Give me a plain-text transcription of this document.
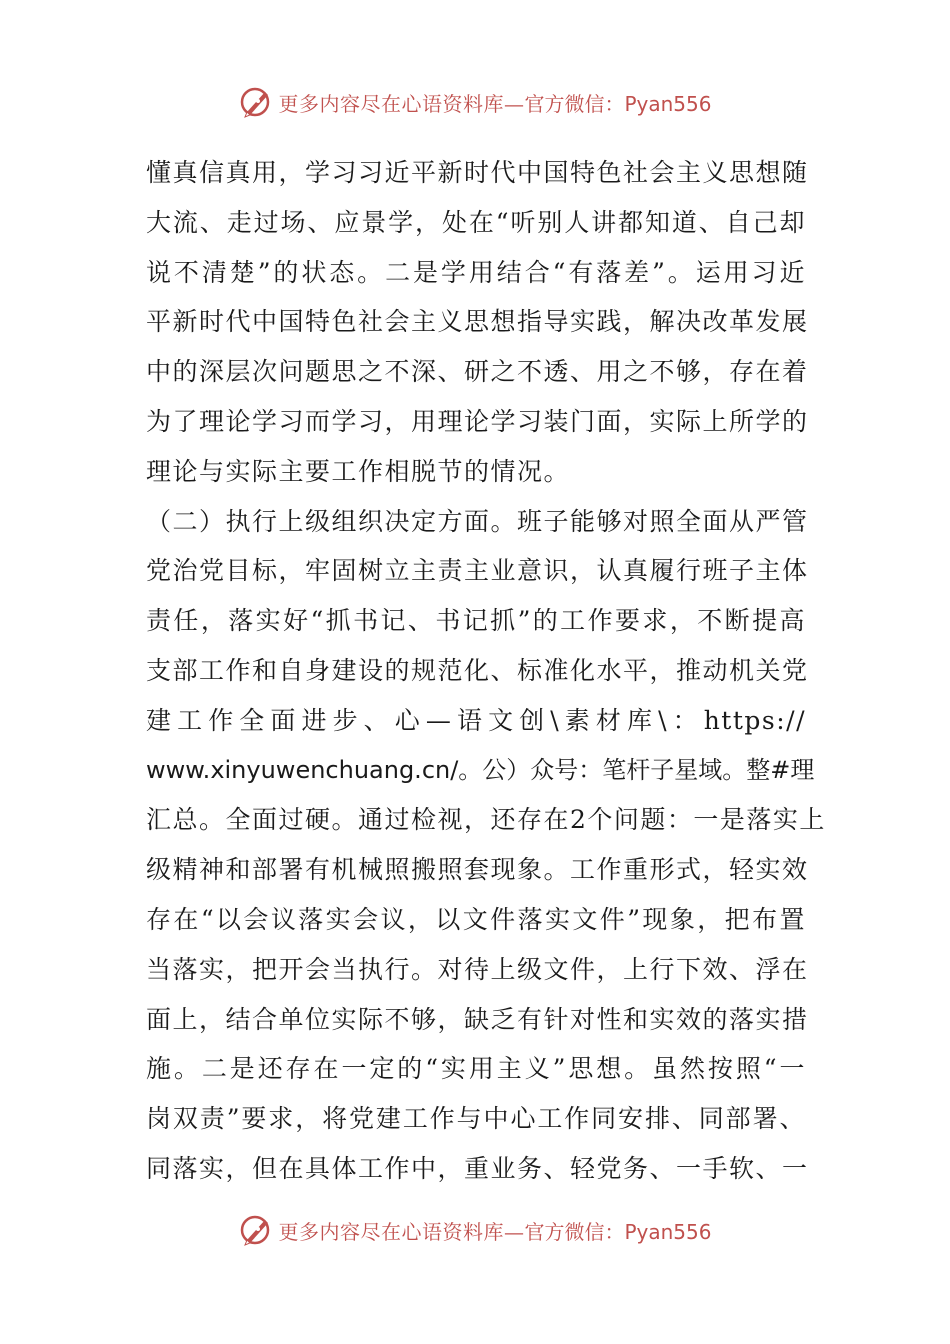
更多内容尽在心语资料库— 官方微信：Pyan556
懂真信真用，学习习近平新时代中国特色社会主义思想随
大流、走过场、应景学，处在“听别人讲都知道、自己却
说不清楚”的状态。二是学用结合“有落差”。运用习近
平新时代中国特色社会主义思想指导实践，解决改革发展
中的深层次问题思之不深、研之不透、用之不够，存在着
为了理论学习而学习，用理论学习装门面，实际上所学的
理论与实际主要工作相脱节的情况。
（二）执行上级组织决定方面。班子能够对照全面从严管
党治党目标，牢固树立主责主业意识，认真履行班子主体
责任，落实好“抓书记、书记抓”的工作要求，不断提高
支部工作和自身建设的规范化、标准化水平，推动机关党
建工作全面进步、心—语文创\素材库\：https://
www.xinyuwenchuang.cn/。公）众号：笔杆子星域。整#理
汇总。全面过硬。通过检视，还存在2个问题：一是落实上
级精神和部署有机械照搬照套现象。工作重形式，轻实效
存在“以会议落实会议，以文件落实文件”现象，把布置
当落实，把开会当执行。对待上级文件，上行下效、浮在
面上，结合单位实际不够，缺乏有针对性和实效的落实措
施。二是还存在一定的“实用主义”思想。虽然按照“一
岗双责”要求，将党建工作与中心工作同安排、同部署、
同落实，但在具体工作中，重业务、轻党务、一手软、一
更多内容尽在心语资料库— 官方微信：Pyan556
